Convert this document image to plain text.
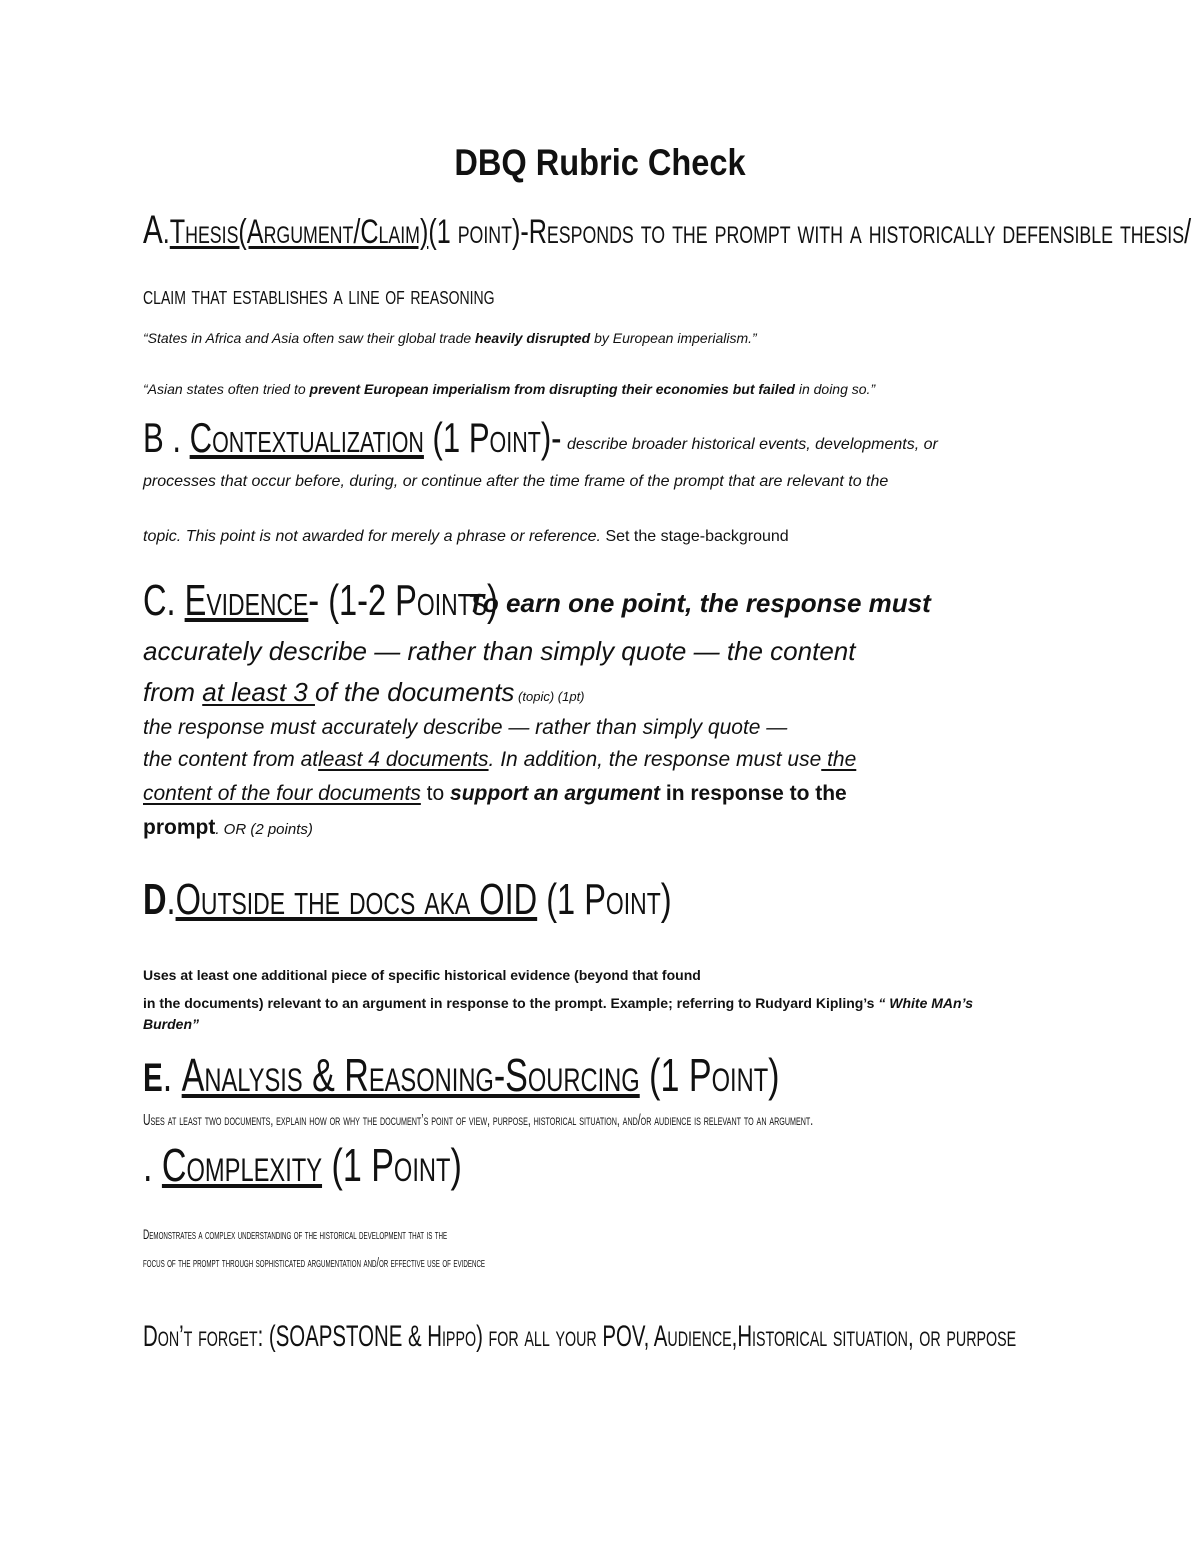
DBQ Rubric Check
A.Thesis(Argument/Claim)(1 point)-Responds to the prompt with a historically defensible thesis/
claim that establishes a line of reasoning
“States in Africa and Asia often saw their global trade heavily disrupted by European imperialism.”
“Asian states often tried to prevent European imperialism from disrupting their economies but failed in doing so.”
B . Contextualization (1 Point)- describe broader historical events, developments, or
processes that occur before, during, or continue after the time frame of the prompt that are relevant to the
topic. This point is not awarded for merely a phrase or reference. Set the stage-background
C. Evidence- (1-2 Points)
To earn one point, the response must
accurately describe — rather than simply quote — the content
from at least 3 of the documents (topic) (1pt)
the response must accurately describe — rather than simply quote —
the content from atleast 4 documents. In addition, the response must use the
content of the four documents to support an argument in response to the
prompt. OR (2 points)
D.Outside the docs aka OID (1 Point)
Uses at least one additional piece of specific historical evidence (beyond that found
in the documents) relevant to an argument in response to the prompt. Example; referring to Rudyard Kipling’s “ White MAn’s
Burden”
E. Analysis & Reasoning-Sourcing (1 Point)
Uses at least two documents, explain how or why the document’s point of view, purpose, historical situation, and/or audience is relevant to an argument.
. Complexity (1 Point)
Demonstrates a complex understanding of the historical development that is the
focus of the prompt through sophisticated argumentation and/or effective use of evidence
Don’t forget: (SOAPSTONE & Hippo) for all your POV, Audience,Historical situation, or purpose
